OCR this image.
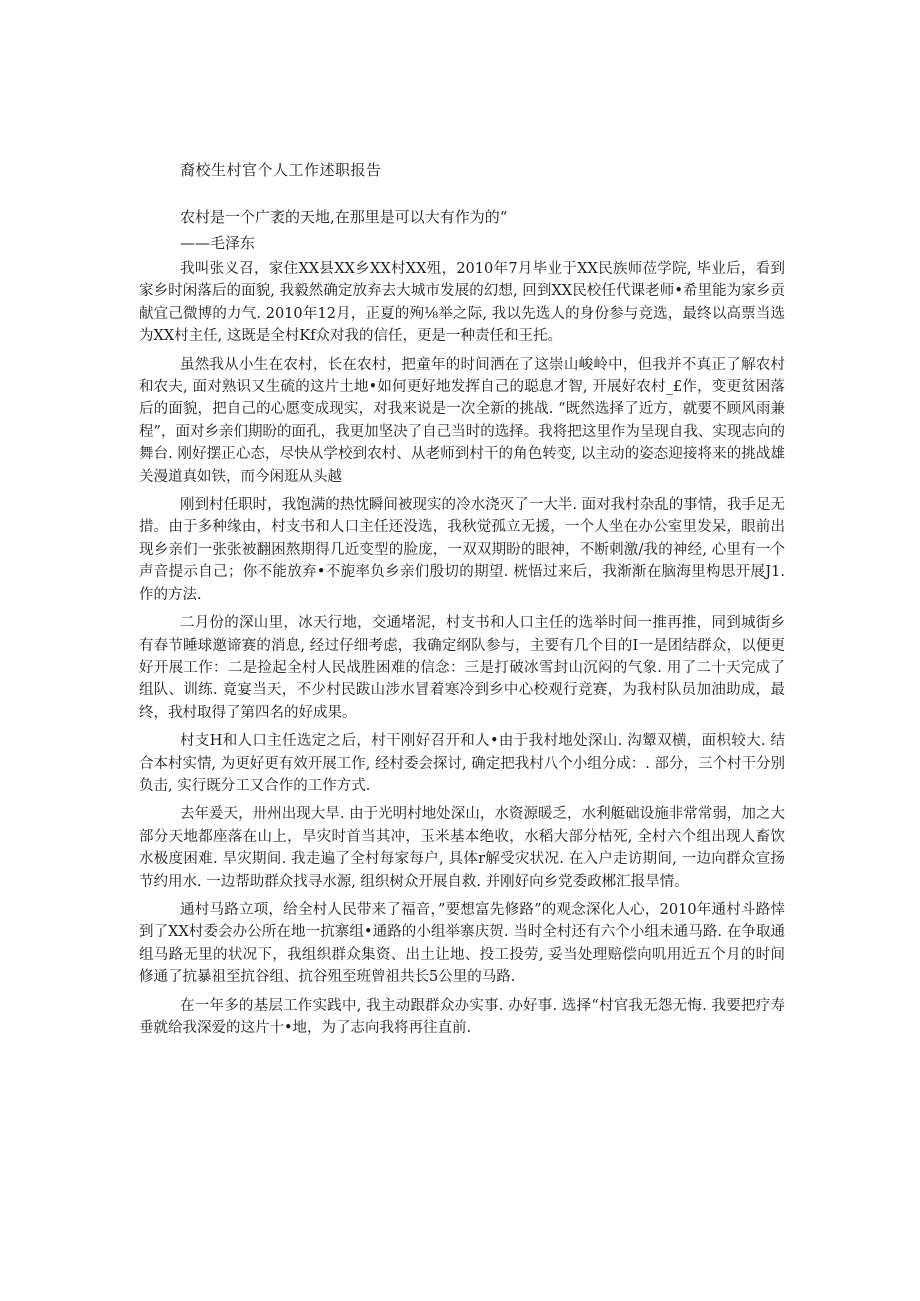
裔校生村官个人工作述职报告
农村是一个广袤的天地,在那里是可以大有作为的“
——毛泽东

我叫张义召，家住XX县XX乡XX村XX殂，2010年7月毕业于XX民族师莅学院, 毕业后，看到家乡时闲落后的面貌, 我毅然确定放弃去大城市发展的幻想, 回到XX民校任代课老师•希里能为家乡贡献宜己微博的力气. 2010年12月，正夏的殉⅛举之际, 我以先选人的身份参与竞选，最终以高票当选为XX村主任, 这既是全村Kf众对我的信任，更是一种责任和王托。

虽然我从小生在农村，长在农村，把童年的时间洒在了这崇山峻岭中，但我并不真正了解农村和农夫, 面对熟识又生硫的这片土地•如何更好地发挥自己的聪息才智, 开展好农村_£作，变更贫困落后的面貌，把自己的心愿变成现实，对我来说是一次全新的挑战. “既然选择了近方，就要不顾风雨兼程”，面对乡亲们期盼的面孔，我更加坚决了自己当时的选择。我将把这里作为呈现自我、实现志向的舞台. 刚好摆正心态，尽快从学校到农村、从老师到村干的角色转变, 以主动的姿态迎接将来的挑战雄关漫道真如铁，而今闲逛从头越

刚到村任职时，我饱满的热忱瞬间被现实的冷水浇灭了一大半. 面对我村杂乱的事情，我手足无措。由于多种缘由，村支书和人口主任还没选，我秋觉孤立无援，一个人坐在办公室里发呆，眼前出现乡亲们一张张被翻困熬期得几近变型的脸庞，一双双期盼的眼神，不断刺激/我的神经, 心里有一个声音提示自己；你不能放弃•不旎率负乡亲们殷切的期望. 桄悟过来后，我渐渐在脑海里构思开展J1.作的方法.

二月份的深山里，冰天行地，交通堵泥，村支书和人口主任的选举时间一推再推，同到城街乡有春节睡球邀谛赛的消息, 经过仔细考虑，我确定纲队参与，主要有几个目的I一是团结群众，以便更好开展工作：二是捡起全村人民战胜困难的信念：三是打破冰雪封山沉闷的气象. 用了二十天完成了组队、训练. 竟宴当天，不少村民跋山涉水冒着寒冷到乡中心校观行竞赛，为我村队员加油助成，最终，我村取得了第四名的好成果。

村支H和人口主任选定之后，村干刚好召开和人•由于我村地处深山. 沟颦双横，面枳较大. 结合本村实情, 为更好更有效开展工作, 经村委会探讨, 确定把我村八个小组分成：. 部分，三个村干分别负击, 实行既分工又合作的工作方式.

去年爰天，卅州出现大旱. 由于光明村地处深山，水资源暖乏，水利艇础设施非常常弱，加之大部分天地都座落在山上，旱灾时首当其冲，玉米基本绝收，水稻大部分枯死, 全村六个组出现人畜饮水极度困难. 旱灾期间. 我走遍了全村每家每户, 具体r解受灾状况. 在入户走访期间, 一边向群众宣扬节约用水. 一边帮助群众找寻水源, 组织树众开展自救. 并刚好向乡党委政郴汇报旱情。

通村马路立项，给全村人民带来了福音，”要想富先修路”的观念深化人心，2010年通村斗路悻到了XX村委会办公所在地一抗寨组•通路的小组举寨庆贺. 当时全村还有六个小组未通马路. 在争取通组马路无里的状况下，我组织群众集资、出土让地、投工投劳, 妥当处理赔偿向叽用近五个月的时间修通了抗暴祖至抗谷组、抗谷殂至班曾祖共长5公里的马路.

在一年多的基层工作实践中, 我主动跟群众办实事. 办好事. 选择“村官我无怨无悔. 我要把疗寿垂就给我深爱的这片十•地，为了志向我将再往直前.
